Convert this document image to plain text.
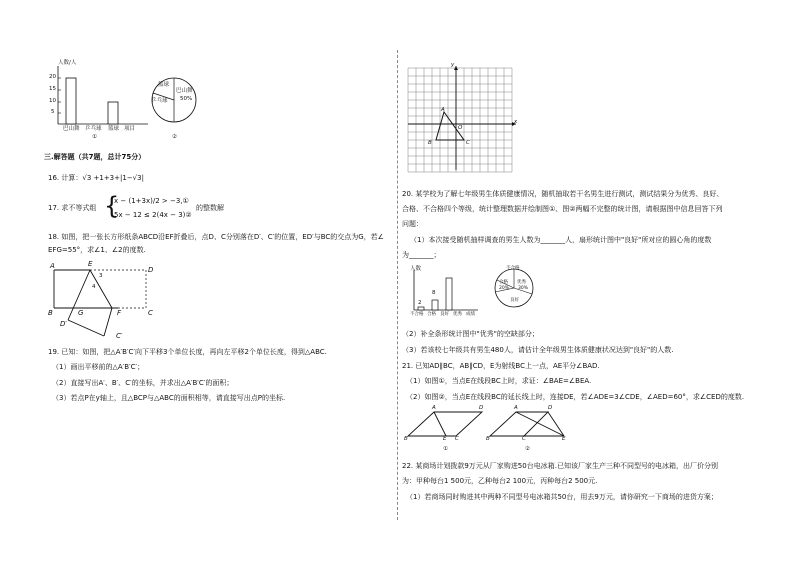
人数/人
20
15
10
5
巴山舞 乒乓球 篮球 项目
①
篮球
乒乓球
巴山舞
50%
②
三.解答题（共7题，总计75分）
16. 计算：√3 +1+3+|1−√3|
17. 求不等式组 {
x − (1+3x)/2 > −3,①
5x − 12 ≤ 2(4x − 3)②
的整数解
18. 如图，把一张长方形纸条ABCD沿EF折叠后，点D、C分别落在D′、C′的位置，ED′与BC的交点为G，若∠
EFG=55°，求∠1、∠2的度数.
A	E
D
3
4
B	G	F	C
D′
C′
19. 已知：如图，把△A′B′C′向下平移3个单位长度，再向左平移2个单位长度，得到△ABC.
（1）画出平移前的△A′B′C′；
（2）直接写出A′、B′、C′的坐标，并求出△A′B′C′的面积；
（3）若点P在y轴上，且△BCP与△ABC的面积相等，请直接写出点P的坐标.
y
x
A
O
B	C
20. 某学校为了解七年级男生体质健康情况，随机抽取若干名男生进行测试，测试结果分为优秀、良好、
合格、不合格四个等级，统计整理数据并绘制图①、图②两幅不完整的统计图，请根据图中信息回答下列
问题：
（1）本次接受随机抽样调查的男生人数为_______人，扇形统计图中"良好"所对应的圆心角的度数
为_______；
人数
8
2
不合格 合格 良好 优秀 成绩
不合格
合格
20%
优秀
30%
良好
（2）补全条形统计图中"优秀"的空缺部分；
（3）若该校七年级共有男生480人，请估计全年级男生体质健康状况达到"良好"的人数.
21. 已知AD∥BC，AB∥CD，E为射线BC上一点，AE平分∠BAD.
（1）如图①，当点E在线段BC上时，求证：∠BAE=∠BEA.
（2）如图②，当点E在线段BC的延长线上时，连接DE，若∠ADE=3∠CDE，∠AED=60°，求∠CED的度数.
A	D
B	E C
①
A	D
B	C	E
②
22. 某商场计划拨款9万元从厂家购进50台电冰箱.已知该厂家生产三种不同型号的电冰箱，出厂价分别
为：甲种每台1 500元，乙种每台2 100元，丙种每台2 500元.
（1）若商场同时购进其中两种不同型号电冰箱共50台，用去9万元，请你研究一下商场的进货方案；
